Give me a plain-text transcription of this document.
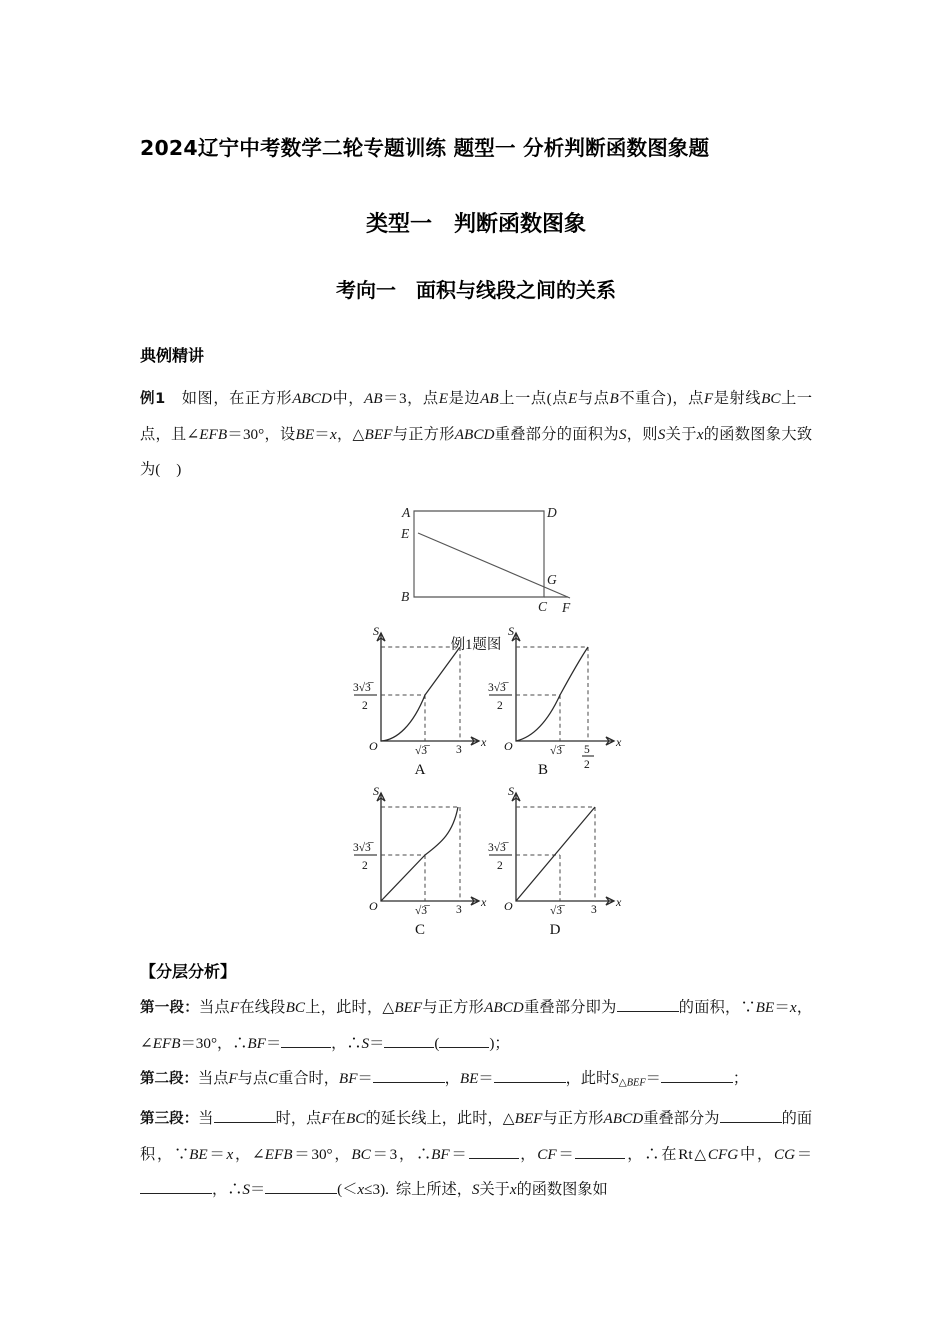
2024辽宁中考数学二轮专题训练 题型一 分析判断函数图象题
类型一 判断函数图象
考向一 面积与线段之间的关系
典例精讲

例1 如图，在正方形ABCD中，AB＝3，点E是边AB上一点(点E与点B不重合)，点F是射线BC上一点，且∠EFB＝30°，设BE＝x，△BEF与正方形ABCD重叠部分的面积为S，则S关于x的函数图象大致为( )

A	D
E
G
B
C F
例1题图
S
x
O	√3̅	3
3√3̅
2
A
S
x
O	√3̅ 5
2
3√3̅
2
B
S
x
O	√3̅	3
3√3̅
2
C
S
x
O	√3̅	3
3√3̅
2
D
【分层分析】

第一段：当点F在线段BC上，此时，△BEF与正方形ABCD重叠部分即为	的面积，∵BE＝x，∠EFB＝30°，∴BF＝	，∴S＝	(	)；

第二段：当点F与点C重合时，BF＝	，BE＝	，此时$S_{\triangle BEF}=$	；

第三段：当	时，点F在BC的延长线上，此时，△BEF与正方形ABCD重叠部分为	的面积，∵BE＝x，∠EFB＝30°，BC＝3，∴BF＝	，CF＝	，∴在Rt△CFG中，CG＝，∴S＝	(＜x≤3). 综上所述，S关于x的函数图象如
